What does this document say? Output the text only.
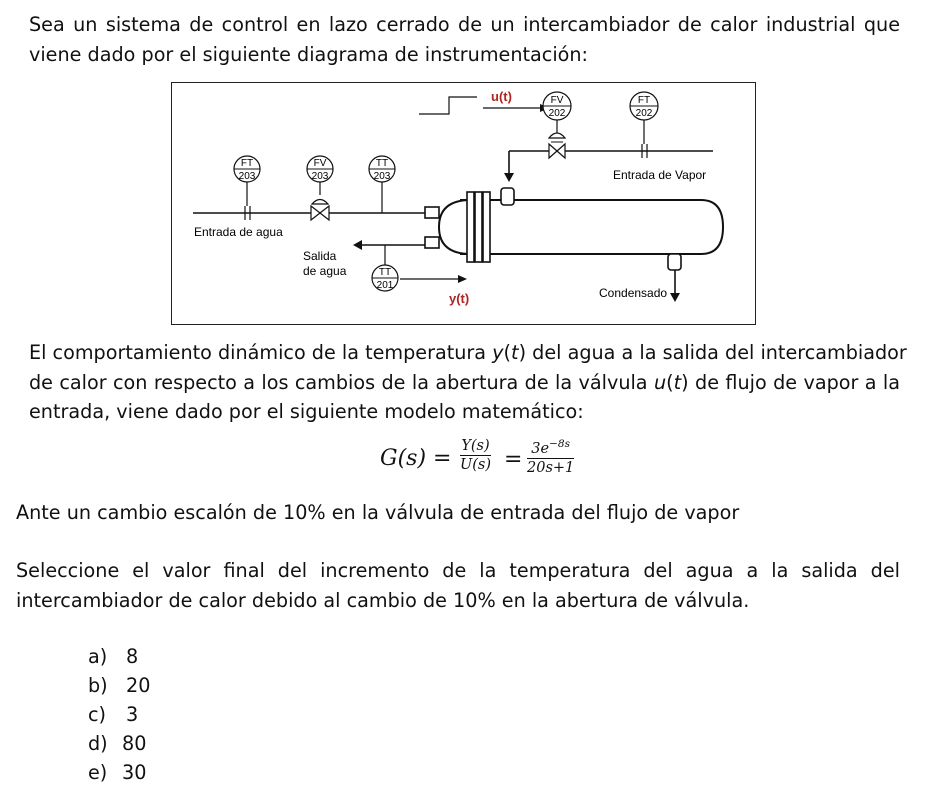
Sea un sistema de control en lazo cerrado de un intercambiador de calor industrial que
viene dado por el siguiente diagrama de instrumentación:
u(t)	FV
202
FT
202
Entrada de Vapor
Condensado
Entrada de agua
FT
203
FV
203
TT
203
Salida
de agua	TT
201
y(t)
El comportamiento dinámico de la temperatura y(t) del agua a la salida del intercambiador
de calor con respecto a los cambios de la abertura de la válvula u(t) de flujo de vapor a la
entrada, viene dado por el siguiente modelo matemático:
G(s) = Y(s)
$U(s) = 3e^{-8s}$
20s+1
Ante un cambio escalón de 10% en la válvula de entrada del flujo de vapor
Seleccione el valor final del incremento de la temperatura del agua a la salida del
intercambiador de calor debido al cambio de 10% en la abertura de válvula.
a) 8
b) 20
c) 3
d) 80
e) 30
